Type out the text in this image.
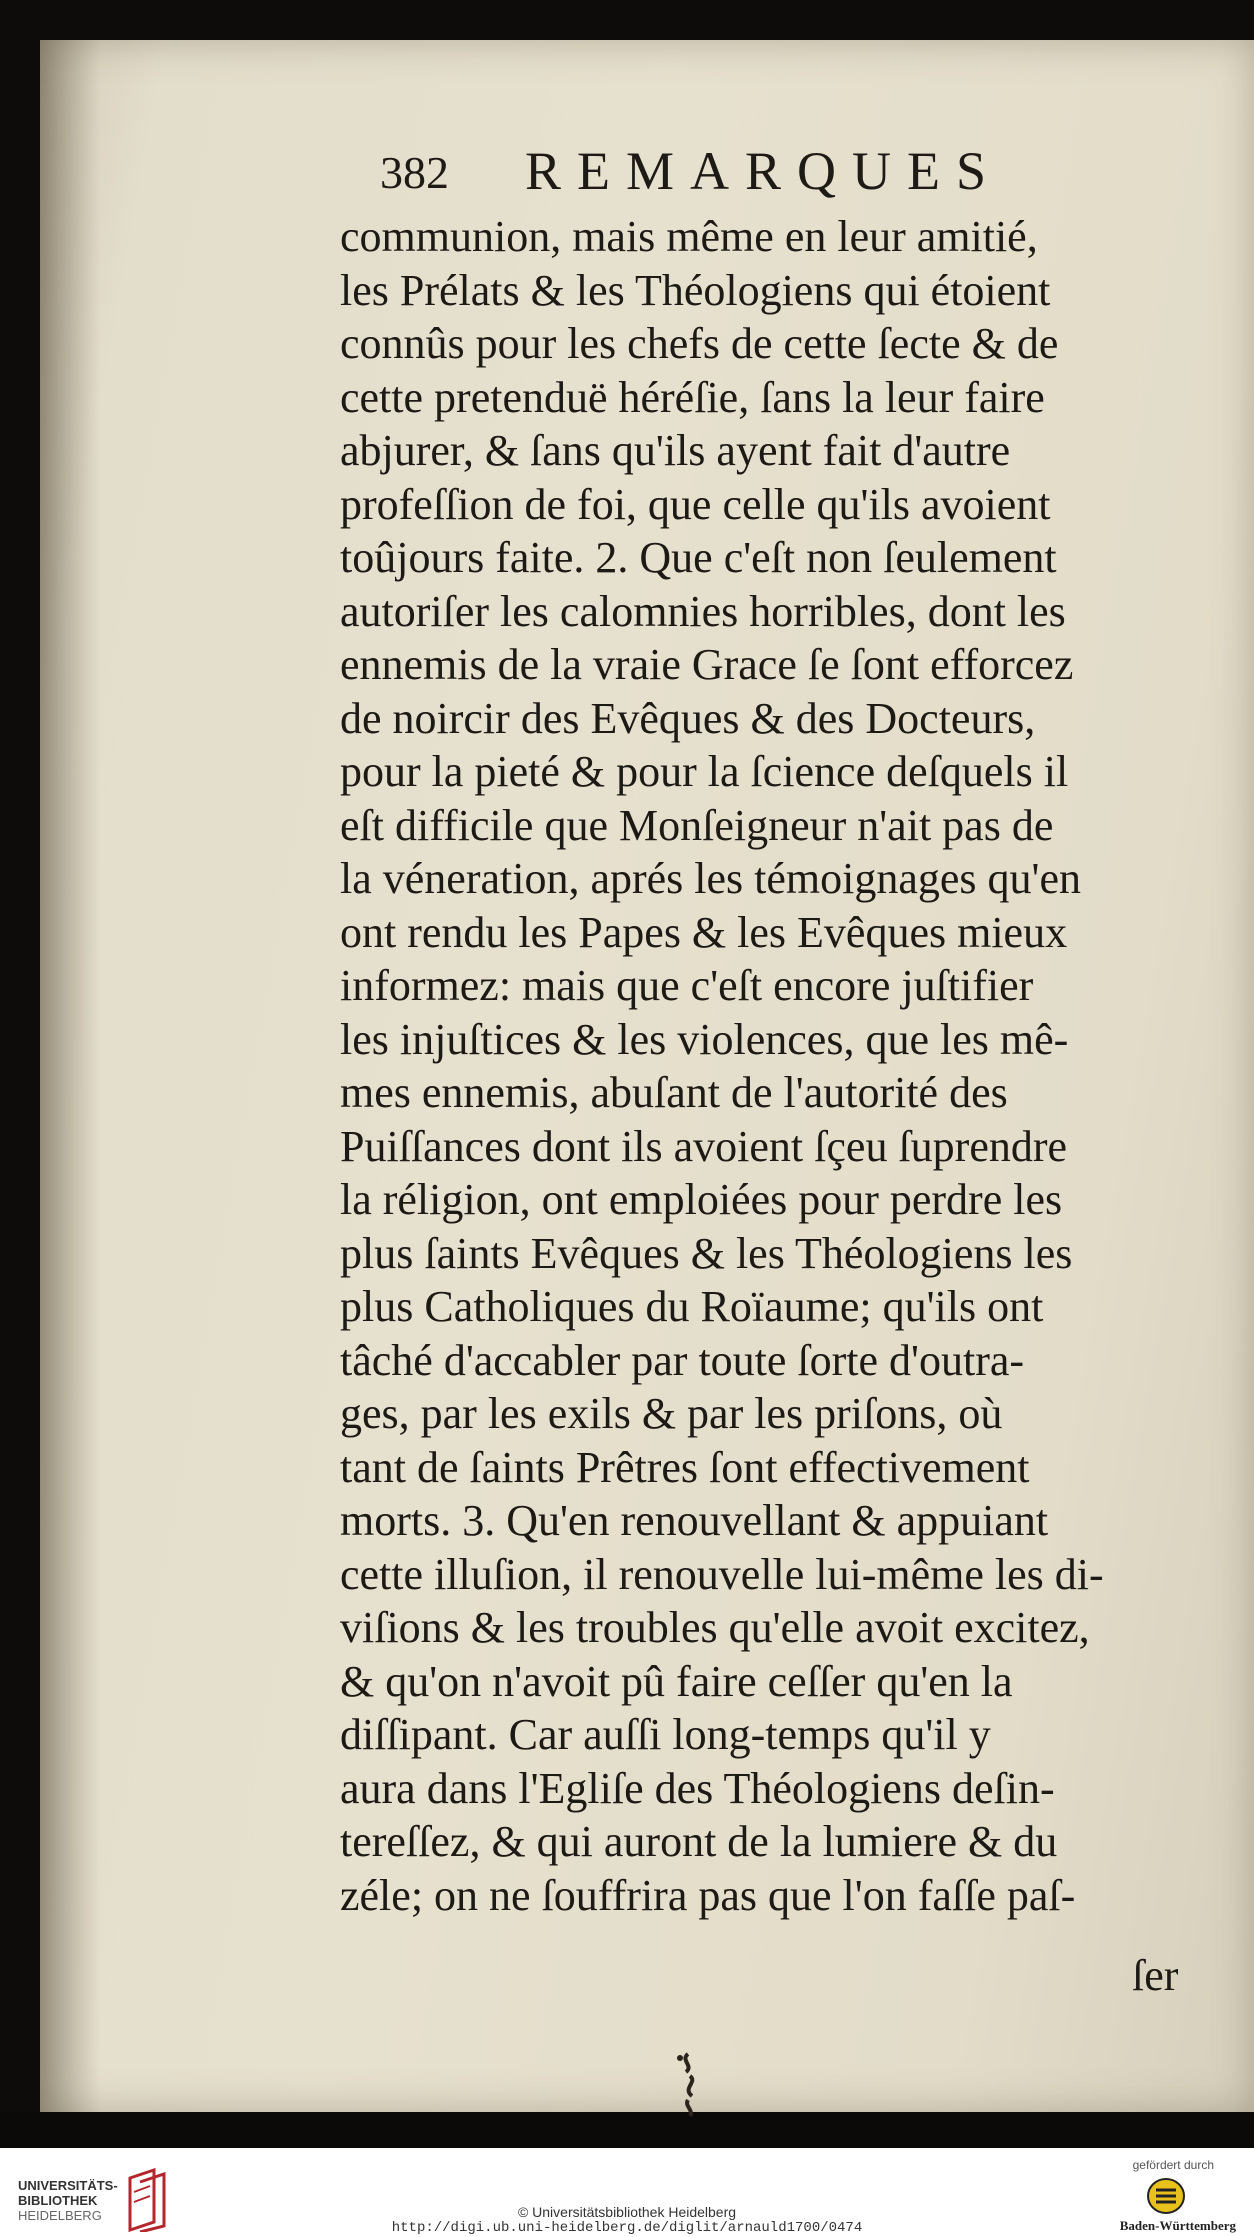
382 REMARQUES
communion, mais même en leur amitié,
les Prélats & les Théologiens qui étoient
connûs pour les chefs de cette ſecte & de
cette pretenduë héréſie, ſans la leur faire
abjurer, & ſans qu'ils ayent fait d'autre
profeſſion de foi, que celle qu'ils avoient
toûjours faite. 2. Que c'eſt non ſeulement
autoriſer les calomnies horribles, dont les
ennemis de la vraie Grace ſe ſont efforcez
de noircir des Evêques & des Docteurs,
pour la pieté & pour la ſcience deſquels il
eſt difficile que Monſeigneur n'ait pas de
la véneration, aprés les témoignages qu'en
ont rendu les Papes & les Evêques mieux
informez: mais que c'eſt encore juſtifier
les injuſtices & les violences, que les mê-
mes ennemis, abuſant de l'autorité des
Puiſſances dont ils avoient ſçeu ſuprendre
la réligion, ont emploiées pour perdre les
plus ſaints Evêques & les Théologiens les
plus Catholiques du Roïaume; qu'ils ont
tâché d'accabler par toute ſorte d'outra-
ges, par les exils & par les priſons, où
tant de ſaints Prêtres ſont effectivement
morts. 3. Qu'en renouvellant & appuiant
cette illuſion, il renouvelle lui-même les di-
viſions & les troubles qu'elle avoit excitez,
& qu'on n'avoit pû faire ceſſer qu'en la
diſſipant. Car auſſi long-temps qu'il y
aura dans l'Egliſe des Théologiens deſin-
tereſſez, & qui auront de la lumiere & du
zéle; on ne ſouffrira pas que l'on faſſe paſ-
ſer
UNIVERSITÄTS-
BIBLIOTHEK
HEIDELBERG	© Universitätsbibliothek Heidelberg
http://digi.ub.uni-heidelberg.de/diglit/arnauld1700/0474
gefördert durch
Baden-Württemberg
